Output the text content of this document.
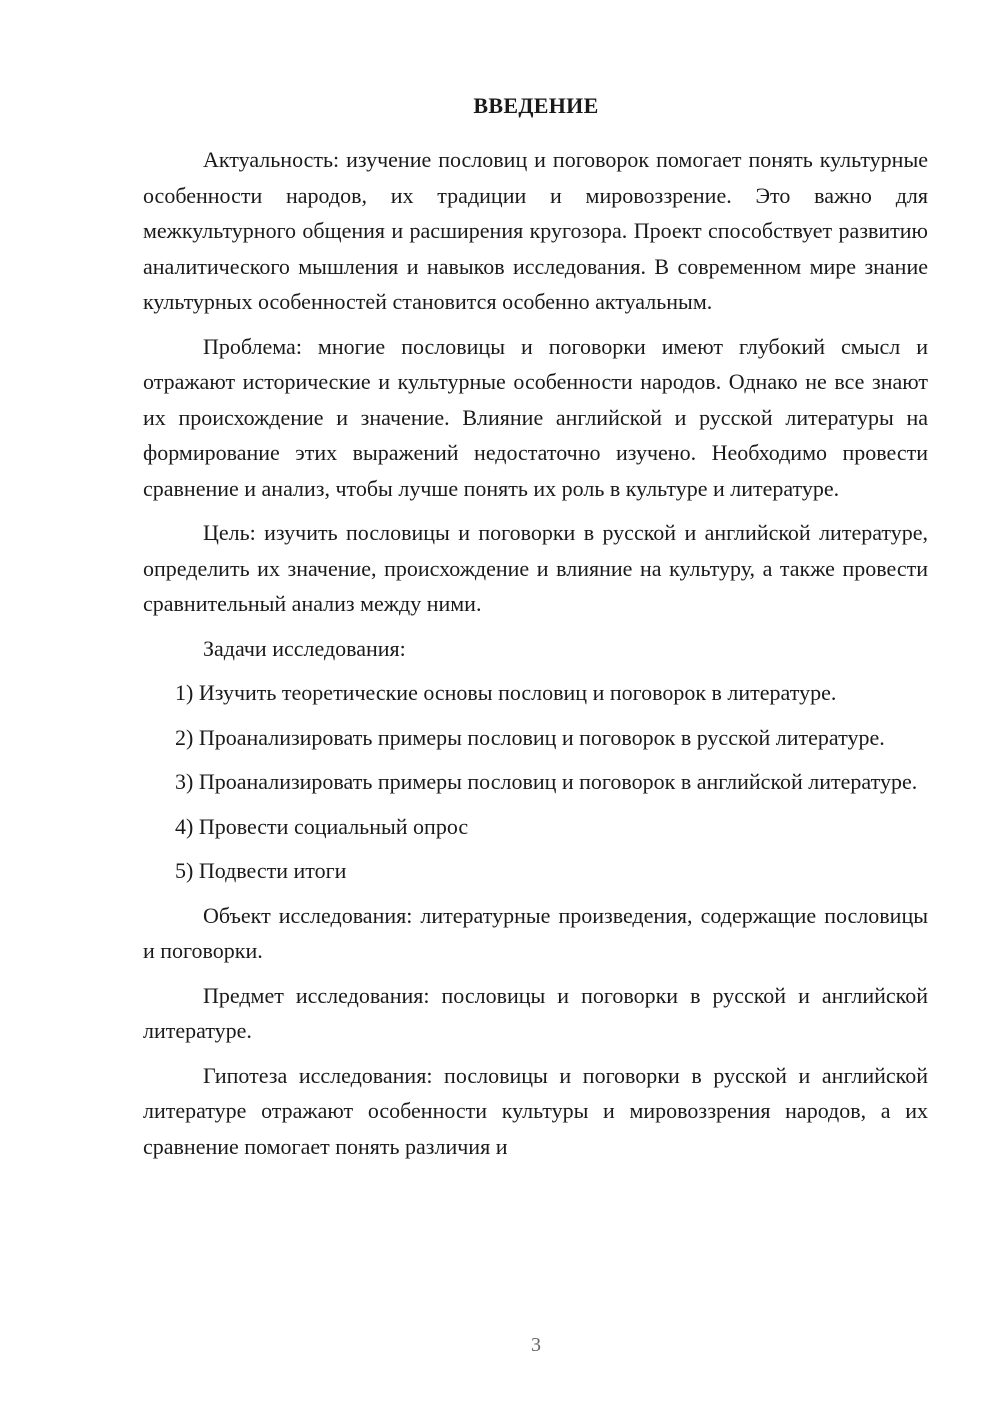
ВВЕДЕНИЕ

Актуальность: изучение пословиц и поговорок помогает понять культурные особенности народов, их традиции и мировоззрение. Это важно для межкультурного общения и расширения кругозора. Проект способствует развитию аналитического мышления и навыков исследования. В современном мире знание культурных особенностей становится особенно актуальным.

Проблема: многие пословицы и поговорки имеют глубокий смысл и отражают исторические и культурные особенности народов. Однако не все знают их происхождение и значение. Влияние английской и русской литературы на формирование этих выражений недостаточно изучено. Необходимо провести сравнение и анализ, чтобы лучше понять их роль в культуре и литературе.

Цель: изучить пословицы и поговорки в русской и английской литературе, определить их значение, происхождение и влияние на культуру, а также провести сравнительный анализ между ними.

Задачи исследования:

1) Изучить теоретические основы пословиц и поговорок в литературе.

2) Проанализировать примеры пословиц и поговорок в русской литературе.

3) Проанализировать примеры пословиц и поговорок в английской литературе.

4) Провести социальный опрос

5) Подвести итоги

Объект исследования: литературные произведения, содержащие пословицы и поговорки.

Предмет исследования: пословицы и поговорки в русской и английской литературе.

Гипотеза исследования: пословицы и поговорки в русской и английской литературе отражают особенности культуры и мировоззрения народов, а их сравнение помогает понять различия и

3
